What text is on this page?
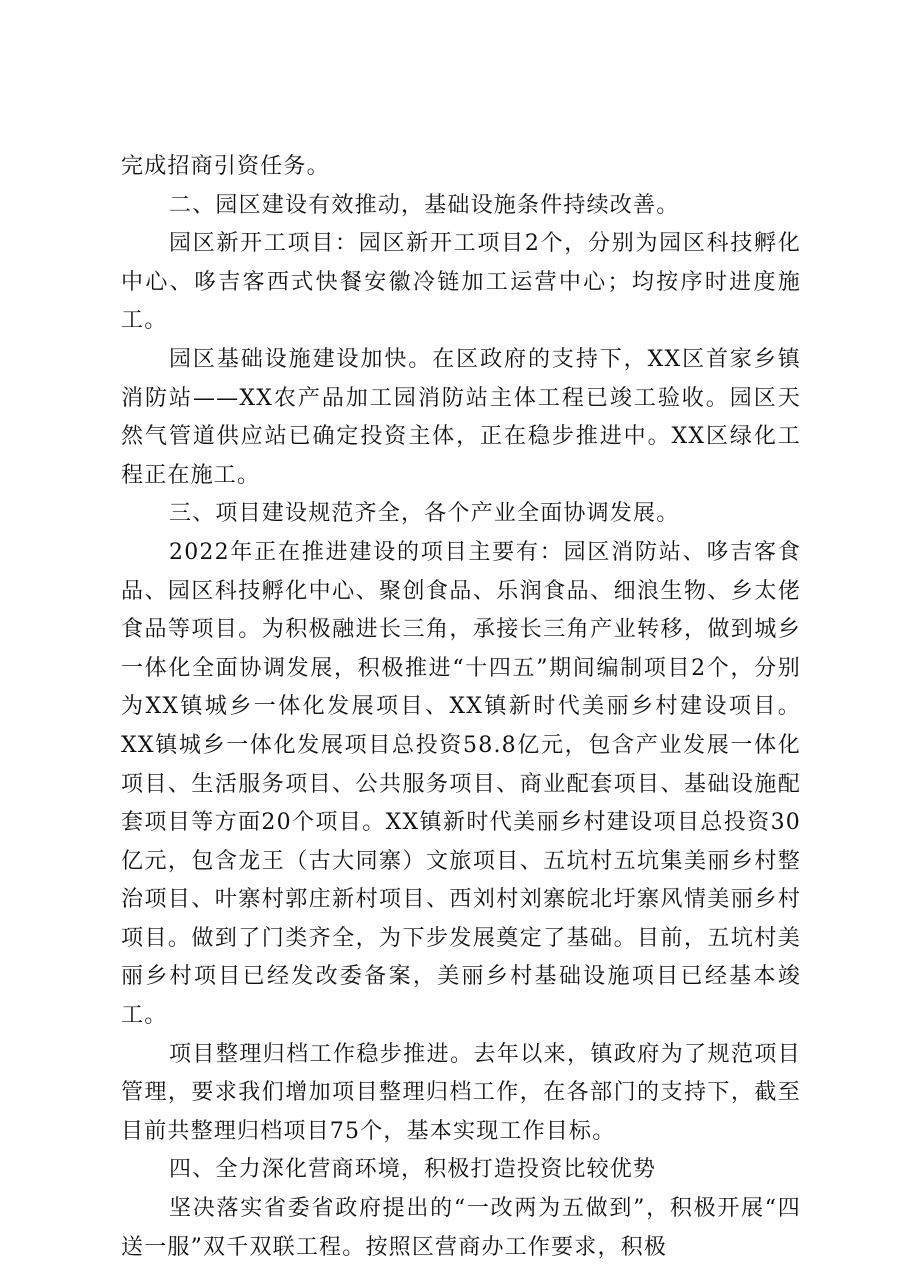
完成招商引资任务。

二、园区建设有效推动，基础设施条件持续改善。

园区新开工项目：园区新开工项目2个，分别为园区科技孵化中心、哆吉客西式快餐安徽冷链加工运营中心；均按序时进度施工。

园区基础设施建设加快。在区政府的支持下，XX区首家乡镇消防站——XX农产品加工园消防站主体工程已竣工验收。园区天然气管道供应站已确定投资主体，正在稳步推进中。XX区绿化工程正在施工。

三、项目建设规范齐全，各个产业全面协调发展。

2022年正在推进建设的项目主要有：园区消防站、哆吉客食品、园区科技孵化中心、聚创食品、乐润食品、细浪生物、乡太佬食品等项目。为积极融进长三角，承接长三角产业转移，做到城乡一体化全面协调发展，积极推进“十四五”期间编制项目2个，分别为XX镇城乡一体化发展项目、XX镇新时代美丽乡村建设项目。XX镇城乡一体化发展项目总投资58.8亿元，包含产业发展一体化项目、生活服务项目、公共服务项目、商业配套项目、基础设施配套项目等方面20个项目。XX镇新时代美丽乡村建设项目总投资30亿元，包含龙王（古大同寨）文旅项目、五坑村五坑集美丽乡村整治项目、叶寨村郭庄新村项目、西刘村刘寨皖北圩寨风情美丽乡村项目。做到了门类齐全，为下步发展奠定了基础。目前，五坑村美丽乡村项目已经发改委备案，美丽乡村基础设施项目已经基本竣工。

项目整理归档工作稳步推进。去年以来，镇政府为了规范项目管理，要求我们增加项目整理归档工作，在各部门的支持下，截至目前共整理归档项目75个，基本实现工作目标。

四、全力深化营商环境，积极打造投资比较优势

坚决落实省委省政府提出的“一改两为五做到”，积极开展“四送一服”双千双联工程。按照区营商办工作要求，积极
